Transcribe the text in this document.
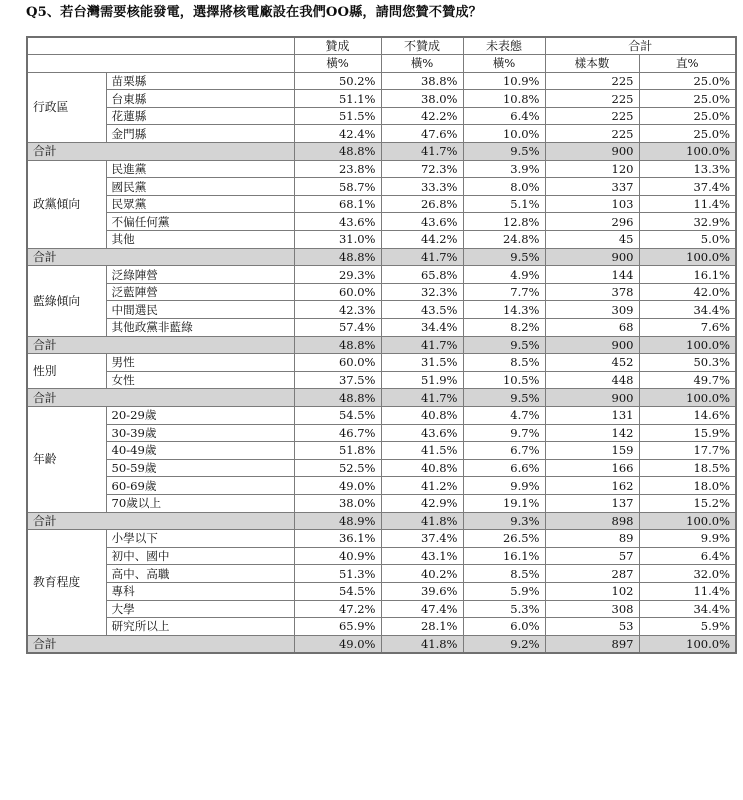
Q5、若台灣需要核能發電，選擇將核電廠設在我們OO縣，請問您贊不贊成？
		贊成	不贊成	未表態	合計	
		橫%	橫%	橫%	樣本數	直%
行政區	苗栗縣	50.2%	38.8%	10.9%	225	25.0%
	台東縣	51.1%	38.0%	10.8%	225	25.0%
	花蓮縣	51.5%	42.2%	6.4%	225	25.0%
	金門縣	42.4%	47.6%	10.0%	225	25.0%
合計		48.8%	41.7%	9.5%	900	100.0%
政黨傾向	民進黨	23.8%	72.3%	3.9%	120	13.3%
	國民黨	58.7%	33.3%	8.0%	337	37.4%
	民眾黨	68.1%	26.8%	5.1%	103	11.4%
	不偏任何黨	43.6%	43.6%	12.8%	296	32.9%
	其他	31.0%	44.2%	24.8%	45	5.0%
合計		48.8%	41.7%	9.5%	900	100.0%
藍綠傾向	泛綠陣營	29.3%	65.8%	4.9%	144	16.1%
	泛藍陣營	60.0%	32.3%	7.7%	378	42.0%
	中間選民	42.3%	43.5%	14.3%	309	34.4%
	其他政黨非藍綠	57.4%	34.4%	8.2%	68	7.6%
合計		48.8%	41.7%	9.5%	900	100.0%
性別	男性	60.0%	31.5%	8.5%	452	50.3%
	女性	37.5%	51.9%	10.5%	448	49.7%
合計		48.8%	41.7%	9.5%	900	100.0%
年齡	20-29歲	54.5%	40.8%	4.7%	131	14.6%
	30-39歲	46.7%	43.6%	9.7%	142	15.9%
	40-49歲	51.8%	41.5%	6.7%	159	17.7%
	50-59歲	52.5%	40.8%	6.6%	166	18.5%
	60-69歲	49.0%	41.2%	9.9%	162	18.0%
	70歲以上	38.0%	42.9%	19.1%	137	15.2%
合計		48.9%	41.8%	9.3%	898	100.0%
教育程度	小學以下	36.1%	37.4%	26.5%	89	9.9%
	初中、國中	40.9%	43.1%	16.1%	57	6.4%
	高中、高職	51.3%	40.2%	8.5%	287	32.0%
	專科	54.5%	39.6%	5.9%	102	11.4%
	大學	47.2%	47.4%	5.3%	308	34.4%
	研究所以上	65.9%	28.1%	6.0%	53	5.9%
合計		49.0%	41.8%	9.2%	897	100.0%
